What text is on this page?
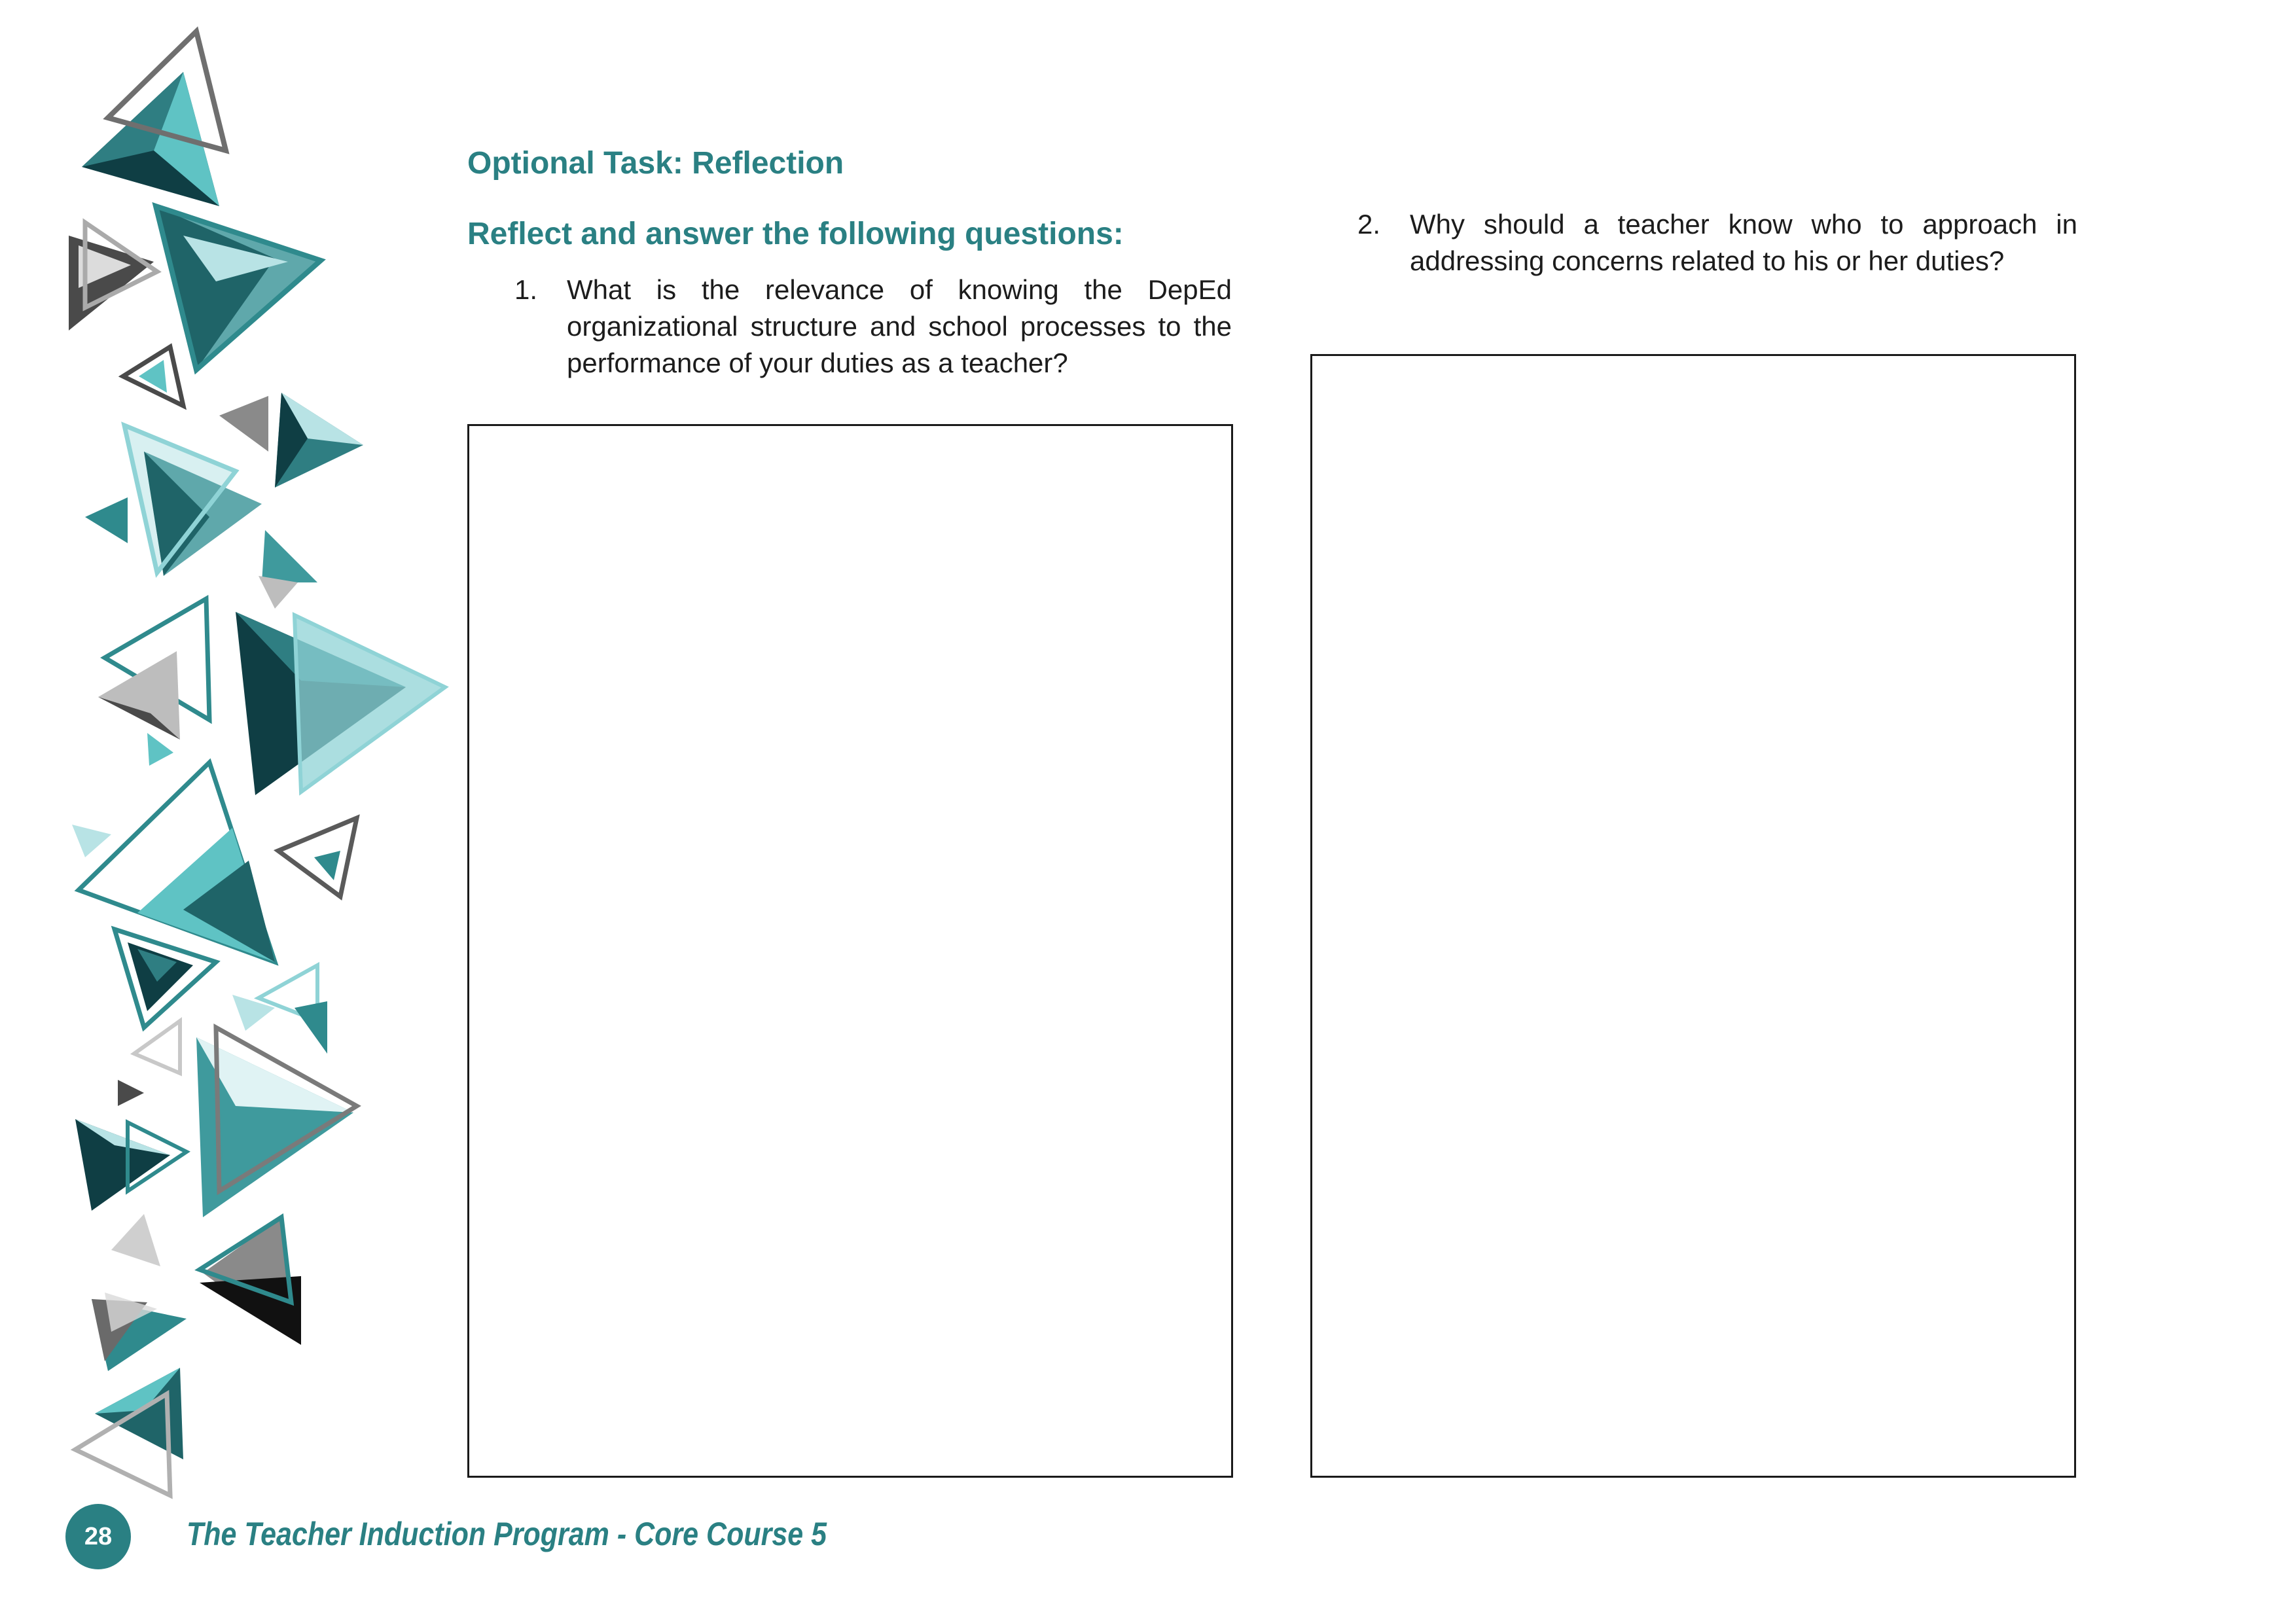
Optional Task: Reflection
Reflect and answer the following questions:
1.	What is the relevance of knowing the DepEd organizational structure and school processes to the performance of your duties as a teacher?
2.	Why should a teacher know who to approach in addressing concerns related to his or her duties?
28 The Teacher Induction Program - Core Course 5
